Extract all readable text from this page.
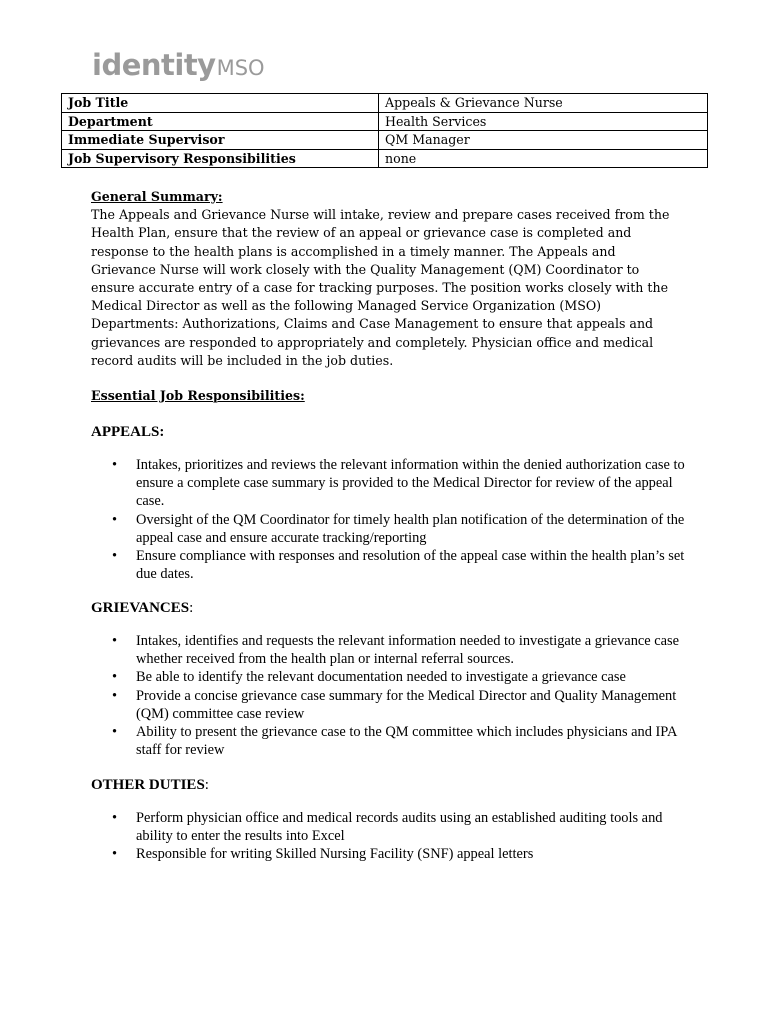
identityMSO
Job Title	Appeals & Grievance Nurse
Department	Health Services
Immediate Supervisor	QM Manager
Job Supervisory Responsibilities	none

General Summary:

The Appeals and Grievance Nurse will intake, review and prepare cases received from the Health Plan, ensure that the review of an appeal or grievance case is completed and response to the health plans is accomplished in a timely manner. The Appeals and Grievance Nurse will work closely with the Quality Management (QM) Coordinator to ensure accurate entry of a case for tracking purposes. The position works closely with the Medical Director as well as the following Managed Service Organization (MSO) Departments: Authorizations, Claims and Case Management to ensure that appeals and grievances are responded to appropriately and completely. Physician office and medical record audits will be included in the job duties.

Essential Job Responsibilities:
APPEALS:
• Intakes, prioritizes and reviews the relevant information within the denied authorization case to ensure a complete case summary is provided to the Medical Director for review of the appeal case.
• Oversight of the QM Coordinator for timely health plan notification of the determination of the appeal case and ensure accurate tracking/reporting
• Ensure compliance with responses and resolution of the appeal case within the health plan’s set due dates.
GRIEVANCES:
• Intakes, identifies and requests the relevant information needed to investigate a grievance case whether received from the health plan or internal referral sources.
• Be able to identify the relevant documentation needed to investigate a grievance case
• Provide a concise grievance case summary for the Medical Director and Quality Management (QM) committee case review
• Ability to present the grievance case to the QM committee which includes physicians and IPA staff for review
OTHER DUTIES:
• Perform physician office and medical records audits using an established auditing tools and ability to enter the results into Excel
• Responsible for writing Skilled Nursing Facility (SNF) appeal letters
